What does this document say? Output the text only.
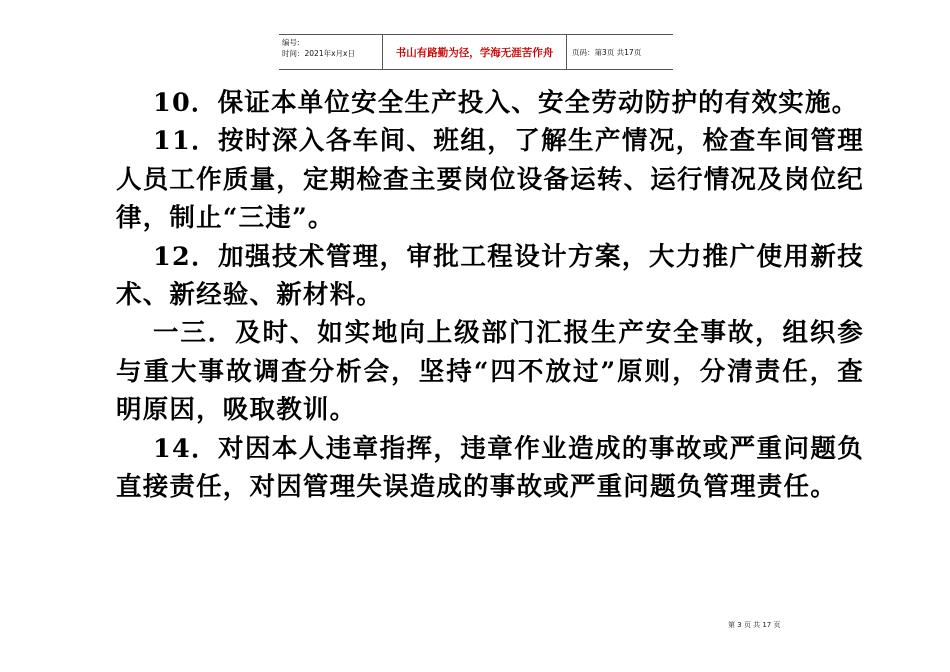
编号:
时间：2021年x月x日	书山有路勤为径，学海无涯苦作舟	页码：第3页 共17页

10．保证本单位安全生产投入、安全劳动防护的有效实施。

11．按时深入各车间、班组，了解生产情况，检查车间管理人员工作质量，定期检查主要岗位设备运转、运行情况及岗位纪律，制止“三违”。

12．加强技术管理，审批工程设计方案，大力推广使用新技术、新经验、新材料。

一三．及时、如实地向上级部门汇报生产安全事故，组织参与重大事故调查分析会，坚持“四不放过”原则，分清责任，查明原因，吸取教训。

14．对因本人违章指挥，违章作业造成的事故或严重问题负直接责任，对因管理失误造成的事故或严重问题负管理责任。

第 3 页 共 17 页
